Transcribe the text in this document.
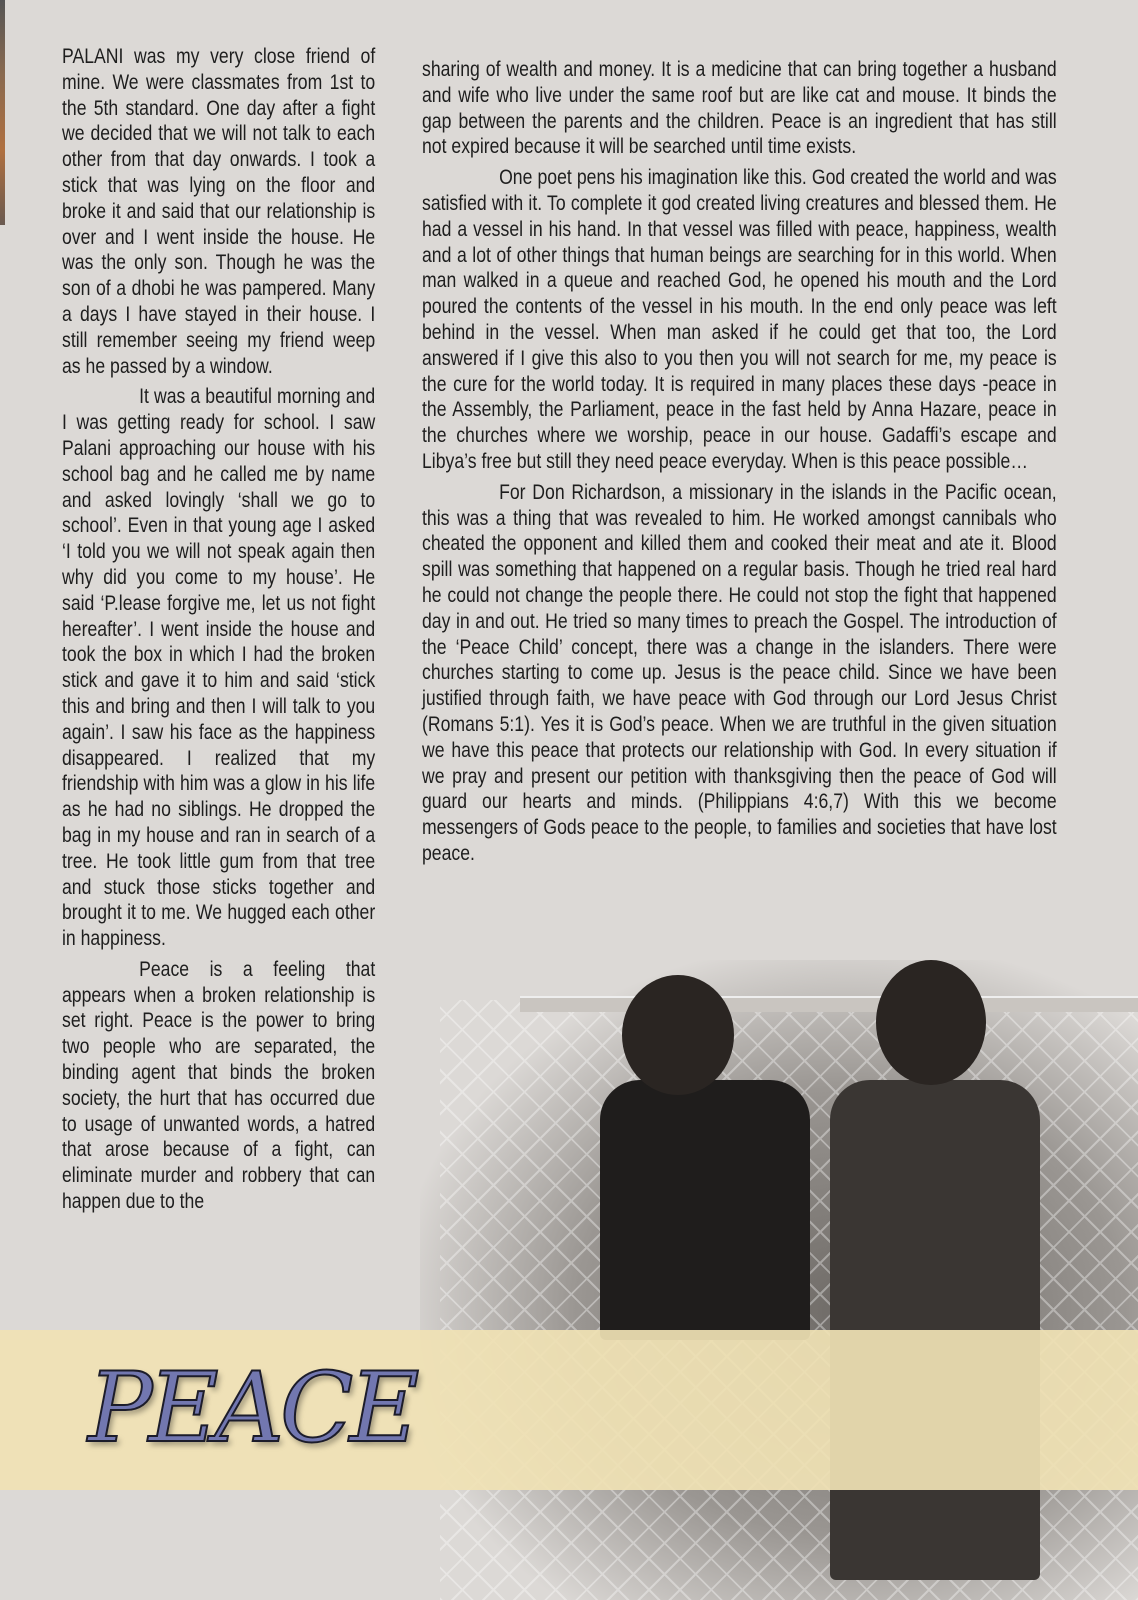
PALANI was my very close friend of mine. We were classmates from 1st to the 5th standard. One day after a fight we decided that we will not talk to each other from that day onwards. I took a stick that was lying on the floor and broke it and said that our relationship is over and I went inside the house. He was the only son. Though he was the son of a dhobi he was pampered. Many a days I have stayed in their house. I still remember seeing my friend weep as he passed by a window.

It was a beautiful morning and I was getting ready for school. I saw Palani approaching our house with his school bag and he called me by name and asked lovingly ‘shall we go to school’. Even in that young age I asked ‘I told you we will not speak again then why did you come to my house’. He said ‘P.lease forgive me, let us not fight hereafter’. I went inside the house and took the box in which I had the broken stick and gave it to him and said ‘stick this and bring and then I will talk to you again’. I saw his face as the happiness disappeared. I realized that my friendship with him was a glow in his life as he had no siblings. He dropped the bag in my house and ran in search of a tree. He took little gum from that tree and stuck those sticks together and brought it to me. We hugged each other in happiness.

Peace is a feeling that appears when a broken relationship is set right. Peace is the power to bring two people who are separated, the binding agent that binds the broken society, the hurt that has occurred due to usage of unwanted words, a hatred that arose because of a fight, can eliminate murder and robbery that can happen due to the

sharing of wealth and money. It is a medicine that can bring together a husband and wife who live under the same roof but are like cat and mouse. It binds the gap between the parents and the children. Peace is an ingredient that has still not expired because it will be searched until time exists.

One poet pens his imagination like this. God created the world and was satisfied with it. To complete it god created living creatures and blessed them. He had a vessel in his hand. In that vessel was filled with peace, happiness, wealth and a lot of other things that human beings are searching for in this world. When man walked in a queue and reached God, he opened his mouth and the Lord poured the contents of the vessel in his mouth. In the end only peace was left behind in the vessel. When man asked if he could get that too, the Lord answered if I give this also to you then you will not search for me, my peace is the cure for the world today. It is required in many places these days -peace in the Assembly, the Parliament, peace in the fast held by Anna Hazare, peace in the churches where we worship, peace in our house. Gadaffi’s escape and Libya’s free but still they need peace everyday. When is this peace possible…

For Don Richardson, a missionary in the islands in the Pacific ocean, this was a thing that was revealed to him. He worked amongst cannibals who cheated the opponent and killed them and cooked their meat and ate it. Blood spill was something that happened on a regular basis. Though he tried real hard he could not change the people there. He could not stop the fight that happened day in and out. He tried so many times to preach the Gospel. The introduction of the ‘Peace Child’ concept, there was a change in the islanders. There were churches starting to come up. Jesus is the peace child. Since we have been justified through faith, we have peace with God through our Lord Jesus Christ (Romans 5:1). Yes it is God’s peace. When we are truthful in the given situation we have this peace that protects our relationship with God. In every situation if we pray and present our petition with thanksgiving then the peace of God will guard our hearts and minds. (Philippians 4:6,7) With this we become messengers of Gods peace to the people, to families and societies that have lost peace.

PEACE
